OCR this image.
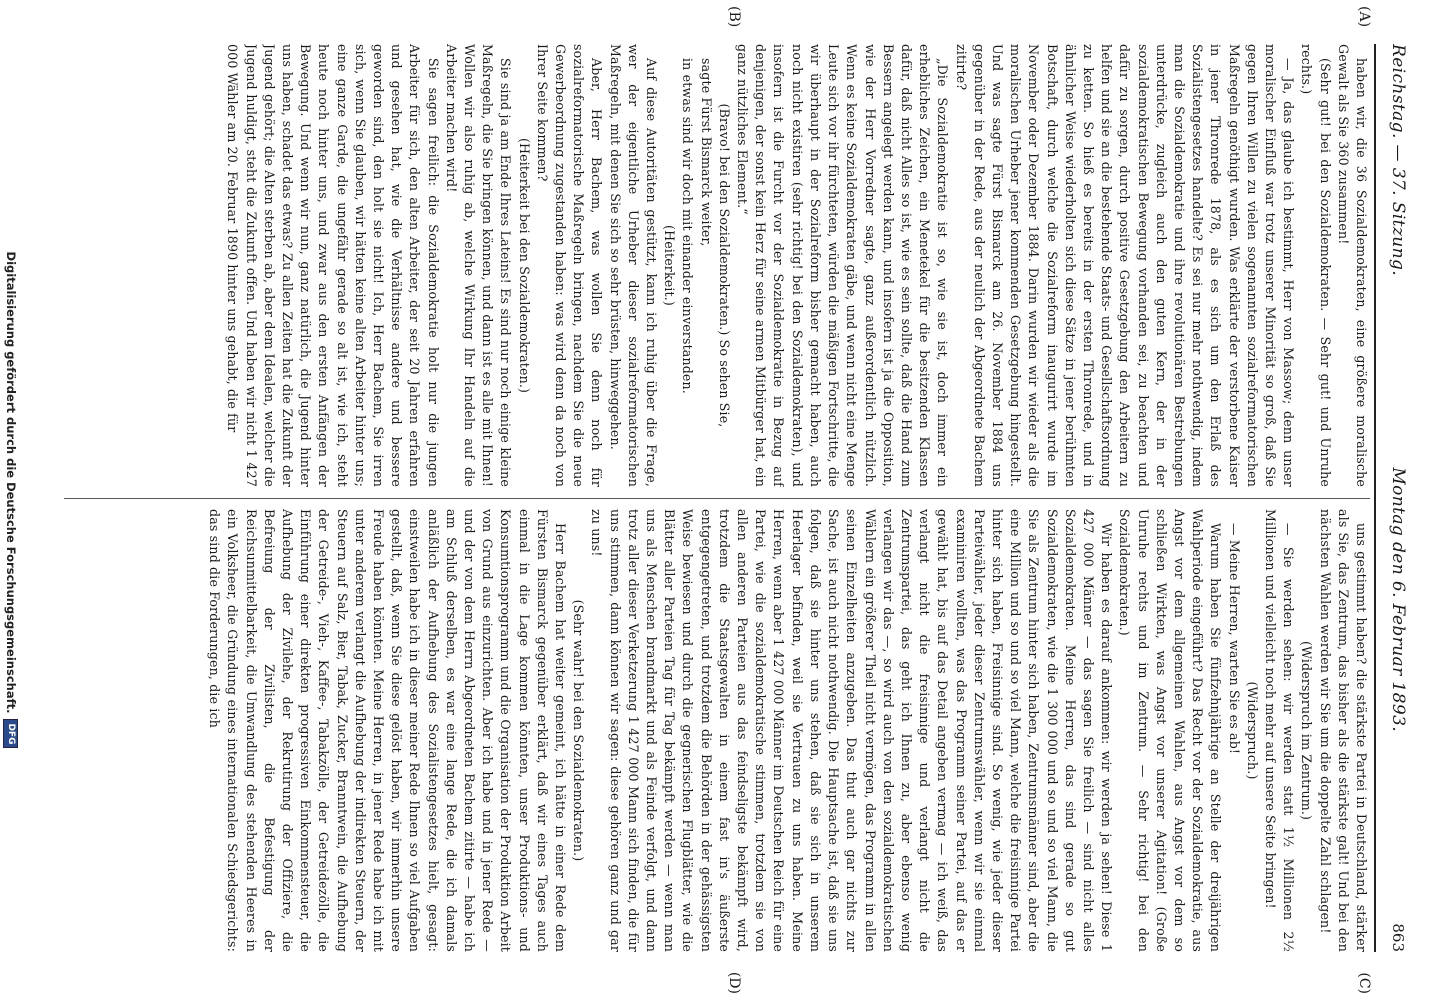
Reichstag. — 37. Sitzung.
Montag den 6. Februar 1893.
863
(A)
(B)
(C)
(D)

haben wir, die 36 Sozialdemokraten, eine größere moralische Gewalt als Sie 360 zusammen!

(Sehr gut! bei den Sozialdemokraten. — Sehr gut! und Unruhe rechts.)

— Ja, das glaube ich bestimmt, Herr von Massow; denn unser moralischer Einfluß war trotz unserer Minorität so groß, daß Sie gegen Ihren Willen zu vielen sogenannten sozialreformatorischen Maßregeln genöthigt wurden. Was erklärte der verstorbene Kaiser in jener Thronrede 1878, als es sich um den Erlaß des Sozialistengesetzes handelte? Es sei nur mehr nothwendig, indem man die Sozialdemokratie und ihre revolutionären Bestrebungen unterdrücke, zugleich auch den guten Kern, der in der sozialdemokratischen Bewegung vorhanden sei, zu beachten und dafür zu sorgen, durch positive Gesetzgebung den Arbeitern zu helfen und sie an die bestehende Staats- und Gesellschaftsordnung zu ketten. So hieß es bereits in der ersten Thronrede, und in ähnlicher Weise wiederholten sich diese Sätze in jener berühmten Botschaft, durch welche die Sozialreform inaugurirt wurde im November oder Dezember 1884. Darin wurden wir wieder als die moralischen Urheber jener kommenden Gesetzgebung hingestellt. Und was sagte Fürst Bismarck am 26. November 1884 uns gegenüber in der Rede, aus der neulich der Abgeordnete Bachem zitirte?

„Die Sozialdemokratie ist so, wie sie ist, doch immer ein erhebliches Zeichen, ein Menetekel für die besitzenden Klassen dafür, daß nicht Alles so ist, wie es sein sollte, daß die Hand zum Bessern angelegt werden kann, und insofern ist ja die Opposition, wie der Herr Vorredner sagte, ganz außerordentlich nützlich. Wenn es keine Sozialdemokraten gäbe, und wenn nicht eine Menge Leute sich vor ihr fürchteten, würden die mäßigen Fortschritte, die wir überhaupt in der Sozialreform bisher gemacht haben, auch noch nicht existiren (sehr richtig! bei den Sozialdemokraten), und insofern ist die Furcht vor der Sozialdemokratie in Bezug auf denjenigen, der sonst kein Herz für seine armen Mitbürger hat, ein ganz nützliches Element.“

(Bravo! bei den Sozialdemokraten.) So sehen Sie,

sagte Fürst Bismarck weiter,

in etwas sind wir doch mit einander einverstanden.

(Heiterkeit.)

Auf diese Autoritäten gestützt, kann ich ruhig über die Frage, wer der eigentliche Urheber dieser sozialreformatorischen Maßregeln, mit denen Sie sich so sehr brüsten, hinweggehen.

Aber, Herr Bachem, was wollen Sie denn noch für sozialreformatorische Maßregeln bringen, nachdem Sie die neue Gewerbeordnung zugestanden haben: was wird denn da noch von Ihrer Seite kommen?

(Heiterkeit bei den Sozialdemokraten.)

Sie sind ja am Ende Ihres Lateins! Es sind nur noch einige kleine Maßregeln, die Sie bringen können, und dann ist es alle mit Ihnen! Wollen wir also ruhig ab, welche Wirkung Ihr Handeln auf die Arbeiter machen wird!

Sie sagen freilich: die Sozialdemokratie holt nur die jungen Arbeiter für sich, den alten Arbeiter, der seit 20 Jahren erfahren und gesehen hat, wie die Verhältnisse andere und bessere geworden sind, den holt sie nicht! Ich, Herr Bachem, Sie irren sich, wenn Sie glauben, wir hätten keine alten Arbeiter hinter uns; eine ganze Garde, die ungefähr gerade so alt ist, wie ich, steht heute noch hinter uns, und zwar aus den ersten Anfängen der Bewegung. Und wenn wir nun, ganz natürlich, die Jugend hinter uns haben, schadet das etwas? Zu allen Zeiten hat die Zukunft der Jugend gehört; die Alten sterben ab, aber dem Idealen, welcher die Jugend huldigt, steht die Zukunft offen. Und haben wir nicht 1 427 000 Wähler am 20. Februar 1890 hinter uns gehabt, die für

uns gestimmt haben? die stärkste Partei in Deutschland, stärker als Sie, das Zentrum, das bisher als die stärkste galt! Und bei den nächsten Wahlen werden wir Sie um die doppelte Zahl schlagen!

(Widerspruch im Zentrum.)

— Sie werden sehen: wir werden statt 1½ Millionen 2½ Millionen und vielleicht noch mehr auf unsere Seite bringen!

(Widerspruch.)

— Meine Herren, warten Sie es ab!

Warum haben Sie fünfzehnjährige an Stelle der dreijährigen Wahlperiode eingeführt? Das Recht vor der Sozialdemokratie, aus Angst vor dem allgemeinen Wahlen, aus Angst vor dem so schließen Wirkten, was Angst vor unserer Agitation! (Große Unruhe rechts und im Zentrum. — Sehr richtig! bei den Sozialdemokraten.)

Wir haben es darauf ankommen: wir werden ja sehen! Diese 1 427 000 Männer — das sagen Sie freilich — sind nicht alles Sozialdemokraten. Meine Herren, das sind gerade so gut Sozialdemokraten, wie die 1 300 000 und so und so viel Mann, die Sie als Zentrum hinter sich haben, Zentrumsmänner sind, aber die eine Million und so und so viel Mann, welche die freisinnige Partei hinter sich haben, Freisinnige sind. So wenig, wie jeder dieser Parteiwähler, jeder dieser Zentrumswähler, wenn wir sie einmal examiniren wollten, was das Programm seiner Partei, auf das er gewählt hat, bis auf das Detail angeben vermag — ich weiß, das verlangt nicht die freisinnige und verlangt nicht die Zentrumspartei, das geht ich Ihnen zu, aber ebenso wenig verlangen wir das —, so wird auch von den sozialdemokratischen Wählern ein größerer Theil nicht vermögen, das Programm in allen seinen Einzelheiten anzugeben. Das thut auch gar nichts zur Sache, ist auch nicht nothwendig. Die Hauptsache ist, daß sie uns folgen, daß sie hinter uns stehen, daß sie sich in unserem Heerlager befinden, weil sie Vertrauen zu uns haben. Meine Herren, wenn aber 1 427 000 Männer im Deutschen Reich für eine Partei, wie die sozialdemokratische stimmen, trotzdem sie von allen anderen Parteien aus das feindseligste bekämpft wird, trotzdem die Staatsgewalten in einem fast in's äußerste entgegengetreten, und trotzdem die Behörden in der gehässigsten Weise bewiesen und durch die gegnerischen Flugblätter, wie die Blätter aller Parteien Tag für Tag bekämpft werden — wenn man uns als Menschen brandmarkt und als Feinde verfolgt, und dann trotz aller dieser Verketzerung 1 427 000 Mann sich finden, die für uns stimmen, dann können wir sagen: diese gehören ganz und gar zu uns!

(Sehr wahr! bei den Sozialdemokraten.)

Herr Bachem hat weiter gemeint, ich hätte in einer Rede dem Fürsten Bismarck gegenüber erklärt, daß wir eines Tages auch einmal in die Lage kommen könnten, unser Produktions- und Konsumtionsprogramm und die Organisation der Produktion Arbeit von Grund aus einzurichten. Aber ich habe und in jener Rede — und der von dem Herrn Abgeordneten Bachem zitirte — habe ich am Schluß derselben, es war eine lange Rede, die ich damals anläßlich der Aufhebung des Sozialistengesetzes hielt, gesagt: einstweilen habe ich in dieser meiner Rede Ihnen so viel Aufgaben gestellt, daß, wenn Sie diese gelöst haben, wir immerhin unsere Freude haben könnten. Meine Herren, in jener Rede habe ich mit unter anderem verlangt die Aufhebung der indirekten Steuern, der Steuern auf Salz, Bier, Tabak, Zucker, Branntwein, die Aufhebung der Getreide-, Vieh-, Kaffee-, Tabakzölle, der Getreidezölle, die Einführung einer direkten progressiven Einkommensteuer, die Aufhebung der Zivilehe, der Rekrutirung der Offiziere, die Befreiung der Zivilisten, die Befestigung der Reichsunmittelbarkeit, die Umwandlung des stehenden Heeres in ein Volksheer, die Gründung eines internationalen Schiedsgerichts: das sind die Forderungen, die ich

Digitalisierung gefördert durch die Deutsche Forschungsgemeinschaft.
DFG
